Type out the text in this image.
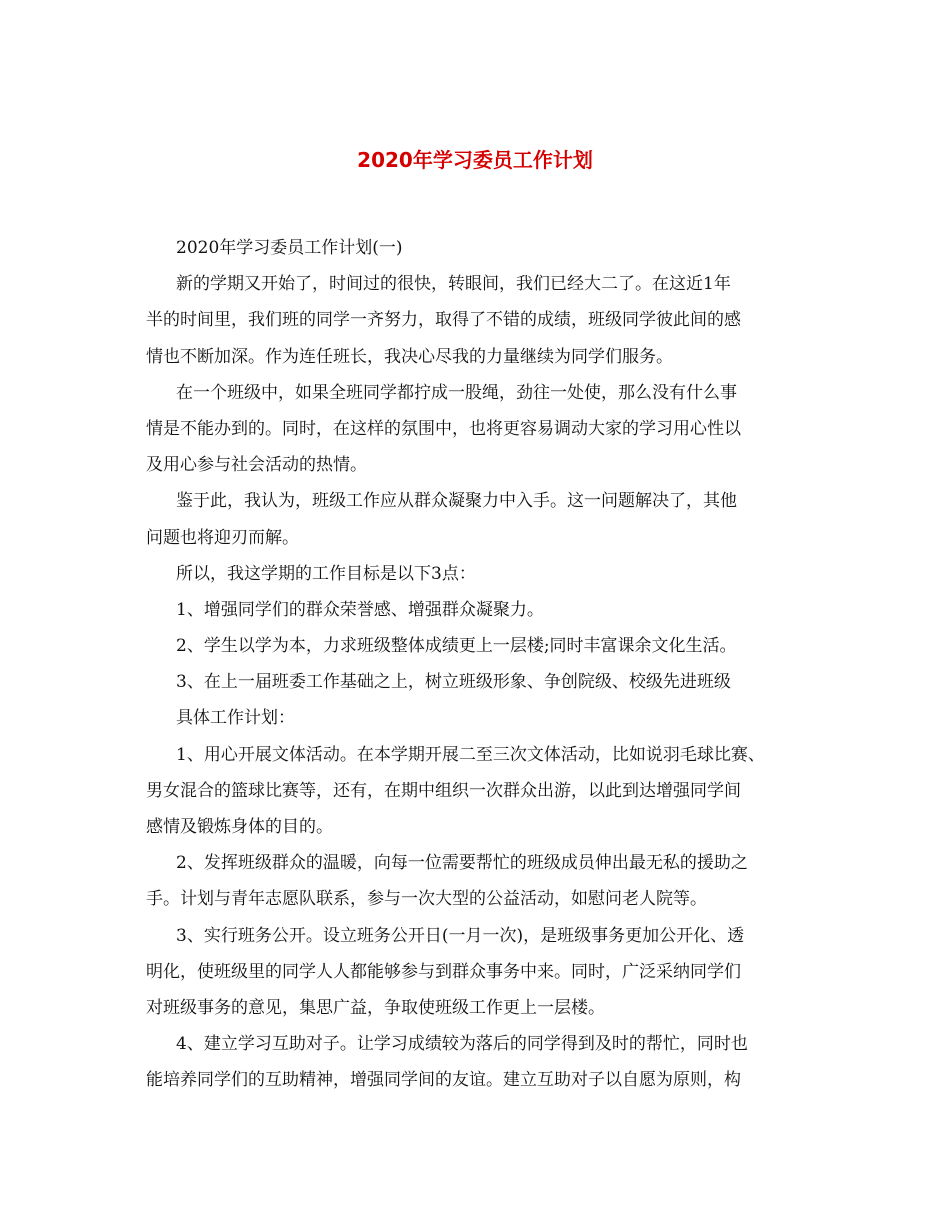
2020年学习委员工作计划

2020年学习委员工作计划(一)

新的学期又开始了，时间过的很快，转眼间，我们已经大二了。在这近1年

半的时间里，我们班的同学一齐努力，取得了不错的成绩，班级同学彼此间的感

情也不断加深。作为连任班长，我决心尽我的力量继续为同学们服务。

在一个班级中，如果全班同学都拧成一股绳，劲往一处使，那么没有什么事

情是不能办到的。同时，在这样的氛围中，也将更容易调动大家的学习用心性以

及用心参与社会活动的热情。

鉴于此，我认为，班级工作应从群众凝聚力中入手。这一问题解决了，其他

问题也将迎刃而解。

所以，我这学期的工作目标是以下3点：

1、增强同学们的群众荣誉感、增强群众凝聚力。

2、学生以学为本，力求班级整体成绩更上一层楼;同时丰富课余文化生活。

3、在上一届班委工作基础之上，树立班级形象、争创院级、校级先进班级

具体工作计划：

1、用心开展文体活动。在本学期开展二至三次文体活动，比如说羽毛球比赛、

男女混合的篮球比赛等，还有，在期中组织一次群众出游，以此到达增强同学间

感情及锻炼身体的目的。

2、发挥班级群众的温暖，向每一位需要帮忙的班级成员伸出最无私的援助之

手。计划与青年志愿队联系，参与一次大型的公益活动，如慰问老人院等。

3、实行班务公开。设立班务公开日(一月一次)，是班级事务更加公开化、透

明化，使班级里的同学人人都能够参与到群众事务中来。同时，广泛采纳同学们

对班级事务的意见，集思广益，争取使班级工作更上一层楼。

4、建立学习互助对子。让学习成绩较为落后的同学得到及时的帮忙，同时也

能培养同学们的互助精神，增强同学间的友谊。建立互助对子以自愿为原则，构
